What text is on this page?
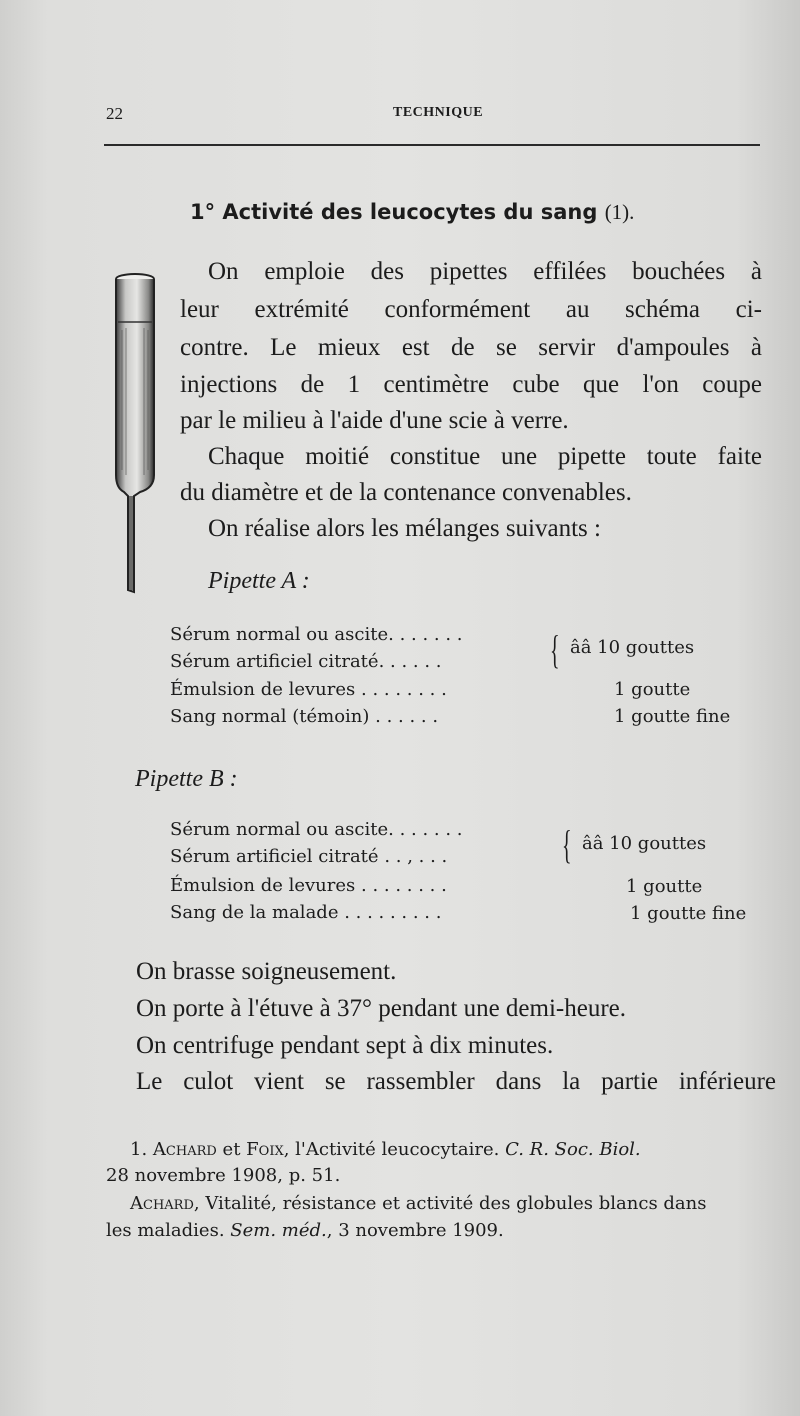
22	TECHNIQUE
1° Activité des leucocytes du sang (1).
On emploie des pipettes effilées bouchées à
leur extrémité conformément au schéma ci-
contre. Le mieux est de se servir d'ampoules à
injections de 1 centimètre cube que l'on coupe
par le milieu à l'aide d'une scie à verre.
Chaque moitié constitue une pipette toute faite
du diamètre et de la contenance convenables.
On réalise alors les mélanges suivants :
Pipette A :
Sérum normal ou ascite. . . . . . .
Sérum artificiel citraté. . . . . .	{ ââ 10 gouttes
Émulsion de levures . . . . . . . .	1 goutte
Sang normal (témoin) . . . . . .	1 goutte fine
Pipette B :
Sérum normal ou ascite. . . . . . .
Sérum artificiel citraté . . , . . .	{ ââ 10 gouttes
Émulsion de levures . . . . . . . .	1 goutte
Sang de la malade . . . . . . . . .	1 goutte fine
On brasse soigneusement.
On porte à l'étuve à 37° pendant une demi-heure.
On centrifuge pendant sept à dix minutes.
Le culot vient se rassembler dans la partie inférieure
1. Achard et Foix, l'Activité leucocytaire. C. R. Soc. Biol.
28 novembre 1908, p. 51.
Achard, Vitalité, résistance et activité des globules blancs dans
les maladies. Sem. méd., 3 novembre 1909.
